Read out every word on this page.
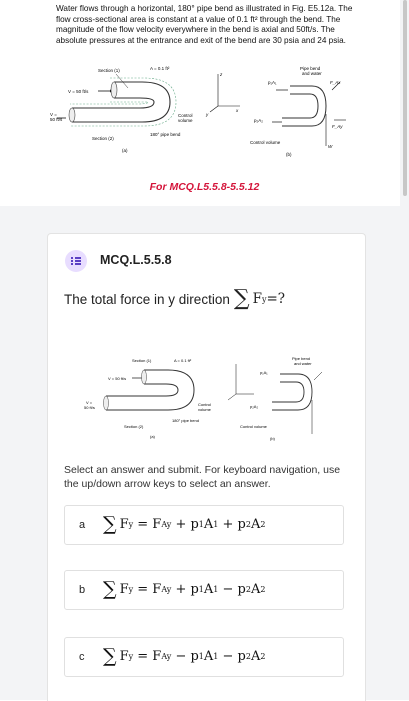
Water flows through a horizontal, 180° pipe bend as illustrated in Fig. E5.12a. The flow cross-sectional area is constant at a value of 0.1 ft² through the bend. The magnitude of the flow velocity everywhere in the bend is axial and 50ft/s. The absolute pressures at the entrance and exit of the bend are 30 psia and 24 psia.
Section (1)	A = 0.1 ft²
V = 50 ft/s
V =
50 ft/s
Control
volume
Section (2)
180° pipe bend
(a)
z
x
y
Pipe bend
and water
p₁A₁
p₂A₂
F_Ax
F_Ay
W
Control volume
(b)
For MCQ.L5.5.8-5.5.12
MCQ.L.5.5.8
The total force in y direction ∑ F y =?
Section (1)	A = 0.1 ft²
V = 50 ft/s
V =
50 ft/s
Control
volume
Section (2)
180° pipe bend
(a)
Pipe bend
and water
p₁A₁
p₂A₂
Control volume
(b)
Select an answer and submit. For keyboard navigation, use the up/down arrow keys to select an answer.
a ∑ F y = F Ay + p 1 A 1 + p 2 A 2
b ∑ F y = F Ay + p 1 A 1 − p 2 A 2
c ∑ F y = F Ay − p 1 A 1 − p 2 A 2
